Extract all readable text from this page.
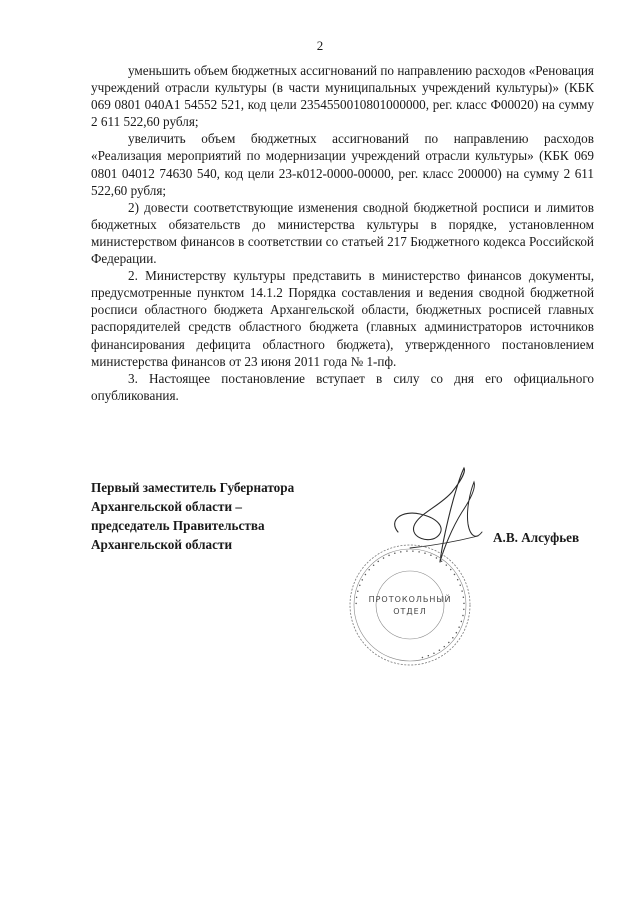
2

уменьшить объем бюджетных ассигнований по направлению расходов «Реновация учреждений отрасли культуры (в части муниципальных учреждений культуры)» (КБК 069 0801 040A1 54552 521, код цели 2354550010801000000, рег. класс Ф00020) на сумму 2 611 522,60 рубля;

увеличить объем бюджетных ассигнований по направлению расходов «Реализация мероприятий по модернизации учреждений отрасли культуры» (КБК 069 0801 04012 74630 540, код цели 23-к012-0000-00000, рег. класс 200000) на сумму 2 611 522,60 рубля;

2) довести соответствующие изменения сводной бюджетной росписи и лимитов бюджетных обязательств до министерства культуры в порядке, установленном министерством финансов в соответствии со статьей 217 Бюджетного кодекса Российской Федерации.

2. Министерству культуры представить в министерство финансов документы, предусмотренные пунктом 14.1.2 Порядка составления и ведения сводной бюджетной росписи областного бюджета Архангельской области, бюджетных росписей главных распорядителей средств областного бюджета (главных администраторов источников финансирования дефицита областного бюджета), утвержденного постановлением министерства финансов от 23 июня 2011 года № 1-пф.

3. Настоящее постановление вступает в силу со дня его официального опубликования.

Первый заместитель Губернатора
Архангельской области –
председатель Правительства
Архангельской области	А.В. Алсуфьев
• • • • • • • • • • • • • • • • • • • • • • • • • • • • • • • • • • • • • • • •
ПРОТОКОЛЬНЫЙ
ОТДЕЛ
